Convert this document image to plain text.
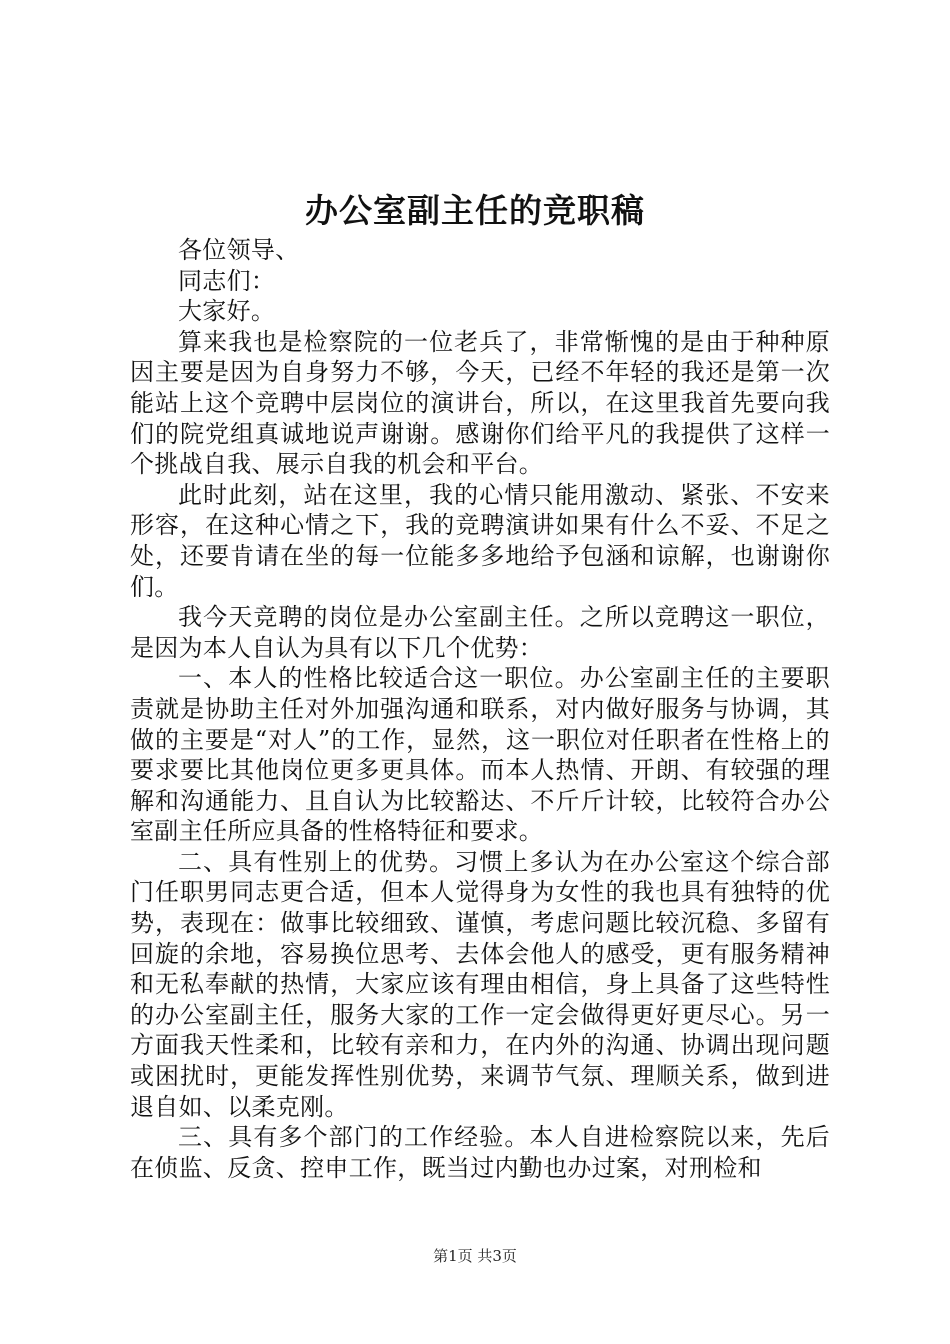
办公室副主任的竞职稿

各位领导、

同志们：

大家好。

算来我也是检察院的一位老兵了，非常惭愧的是由于种种原因主要是因为自身努力不够，今天，已经不年轻的我还是第一次能站上这个竞聘中层岗位的演讲台，所以，在这里我首先要向我们的院党组真诚地说声谢谢。感谢你们给平凡的我提供了这样一个挑战自我、展示自我的机会和平台。

此时此刻，站在这里，我的心情只能用激动、紧张、不安来形容，在这种心情之下，我的竞聘演讲如果有什么不妥、不足之处，还要肯请在坐的每一位能多多地给予包涵和谅解，也谢谢你们。

我今天竞聘的岗位是办公室副主任。之所以竞聘这一职位，是因为本人自认为具有以下几个优势：

一、本人的性格比较适合这一职位。办公室副主任的主要职责就是协助主任对外加强沟通和联系，对内做好服务与协调，其做的主要是“对人”的工作，显然，这一职位对任职者在性格上的要求要比其他岗位更多更具体。而本人热情、开朗、有较强的理解和沟通能力、且自认为比较豁达、不斤斤计较，比较符合办公室副主任所应具备的性格特征和要求。

二、具有性别上的优势。习惯上多认为在办公室这个综合部门任职男同志更合适，但本人觉得身为女性的我也具有独特的优势，表现在：做事比较细致、谨慎，考虑问题比较沉稳、多留有回旋的余地，容易换位思考、去体会他人的感受，更有服务精神和无私奉献的热情，大家应该有理由相信，身上具备了这些特性的办公室副主任，服务大家的工作一定会做得更好更尽心。另一方面我天性柔和，比较有亲和力，在内外的沟通、协调出现问题或困扰时，更能发挥性别优势，来调节气氛、理顺关系，做到进退自如、以柔克刚。

三、具有多个部门的工作经验。本人自进检察院以来，先后在侦监、反贪、控申工作，既当过内勤也办过案，对刑检和

第1页 共3页
